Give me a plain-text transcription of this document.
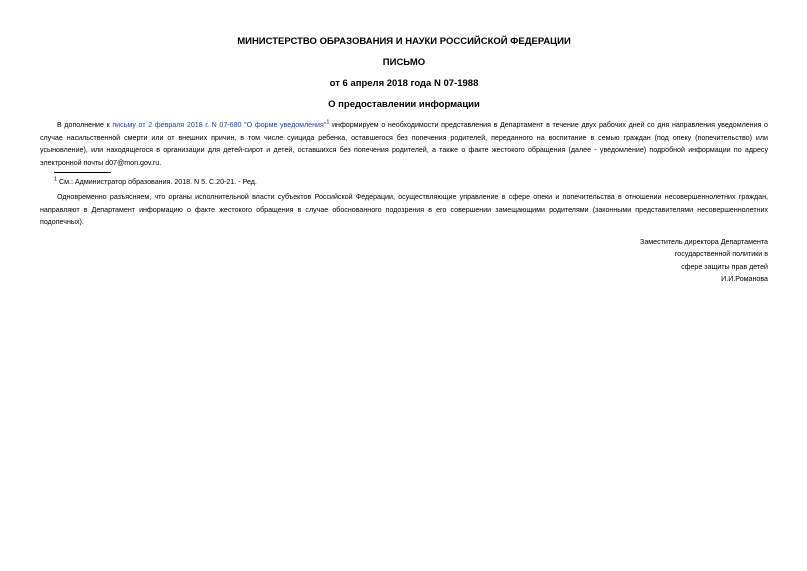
МИНИСТЕРСТВО ОБРАЗОВАНИЯ И НАУКИ РОССИЙСКОЙ ФЕДЕРАЦИИ
ПИСЬМО
от 6 апреля 2018 года N 07-1988
О предоставлении информации

В дополнение к письму от 2 февраля 2018 г. N 07-680 "О форме уведомления"$^1$ информируем о необходимости представления в Департамент в течение двух рабочих дней со дня направления уведомления о случае насильственной смерти или от внешних причин, в том числе суицида ребенка, оставшегося без попечения родителей, переданного на воспитание в семью граждан (под опеку (попечительство) или усыновление), или находящегося в организации для детей-сирот и детей, оставшихся без попечения родителей, а также о факте жестокого обращения (далее - уведомление) подробной информации по адресу электронной почты d07@mon.gov.ru.

$^1$ См.: Администратор образования. 2018. N 5. С.20-21. - Ред.

Одновременно разъясняем, что органы исполнительной власти субъектов Российской Федерации, осуществляющие управление в сфере опеки и попечительства в отношении несовершеннолетних граждан, направляют в Департамент информацию о факте жестокого обращения в случае обоснованного подозрения в его совершении замещающими родителями (законными представителями несовершеннолетних подопечных).

Заместитель директора Департамента
государственной политики в
сфере защиты прав детей
И.И.Романова
